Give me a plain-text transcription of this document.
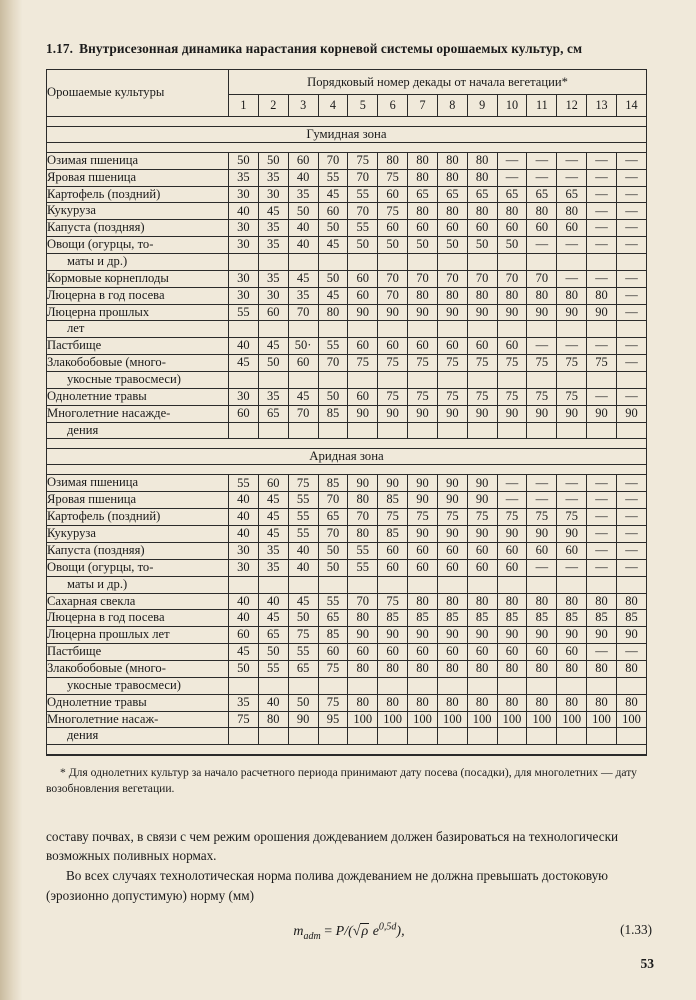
1.17. Внутрисезонная динамика нарастания корневой системы орошаемых культур, см
Орошаемые культуры	Порядковый номер декады от начала вегетации*													
	1	2	3	4	5	6	7	8	9	10	11	12	13	14

Гумидная зона														

Озимая пшеница	50	50	60	70	75	80	80	80	80	—	—	—	—	—
Яровая пшеница	35	35	40	55	70	75	80	80	80	—	—	—	—	—
Картофель (поздний)	30	30	35	45	55	60	65	65	65	65	65	65	—	—
Кукуруза	40	45	50	60	70	75	80	80	80	80	80	80	—	—
Капуста (поздняя)	30	35	40	50	55	60	60	60	60	60	60	60	—	—
Овощи (огурцы, то-	30	35	40	45	50	50	50	50	50	50	—	—	—	—
маты и др.)														
Кормовые корнеплоды	30	35	45	50	60	70	70	70	70	70	70	—	—	—
Люцерна в год посева	30	30	35	45	60	70	80	80	80	80	80	80	80	—
Люцерна прошлых	55	60	70	80	90	90	90	90	90	90	90	90	90	—
лет														
Пастбище	40	45	50·	55	60	60	60	60	60	60	—	—	—	—
Злакобобовые (много-	45	50	60	70	75	75	75	75	75	75	75	75	75	—
укосные травосмеси)														
Однолетние травы	30	35	45	50	60	75	75	75	75	75	75	75	—	—
Многолетние насажде-	60	65	70	85	90	90	90	90	90	90	90	90	90	90
дения														

Аридная зона														

Озимая пшеница	55	60	75	85	90	90	90	90	90	—	—	—	—	—
Яровая пшеница	40	45	55	70	80	85	90	90	90	—	—	—	—	—
Картофель (поздний)	40	45	55	65	70	75	75	75	75	75	75	75	—	—
Кукуруза	40	45	55	70	80	85	90	90	90	90	90	90	—	—
Капуста (поздняя)	30	35	40	50	55	60	60	60	60	60	60	60	—	—
Овощи (огурцы, то-	30	35	40	50	55	60	60	60	60	60	—	—	—	—
маты и др.)														
Сахарная свекла	40	40	45	55	70	75	80	80	80	80	80	80	80	80
Люцерна в год посева	40	45	50	65	80	85	85	85	85	85	85	85	85	85
Люцерна прошлых лет	60	65	75	85	90	90	90	90	90	90	90	90	90	90
Пастбище	45	50	55	60	60	60	60	60	60	60	60	60	—	—
Злакобобовые (много-	50	55	65	75	80	80	80	80	80	80	80	80	80	80
укосные травосмеси)														
Однолетние травы	35	40	50	75	80	80	80	80	80	80	80	80	80	80
Многолетние насаж-	75	80	90	95	100	100	100	100	100	100	100	100	100	100
дения														

* Для однолетних культур за начало расчетного периода принимают дату посева (посадки), для многолетних — дату возобновления вегетации.

составу почвах, в связи с чем режим орошения дождеванием должен базироваться на технологически возможных поливных нормах.

Во всех случаях технолотическая норма полива дождеванием не должна превышать достоковую (эрозионно допустимую) норму (мм)

$m_{adm} = P/(√\rho$ $e^{0,5d}$),	(1.33)
53
